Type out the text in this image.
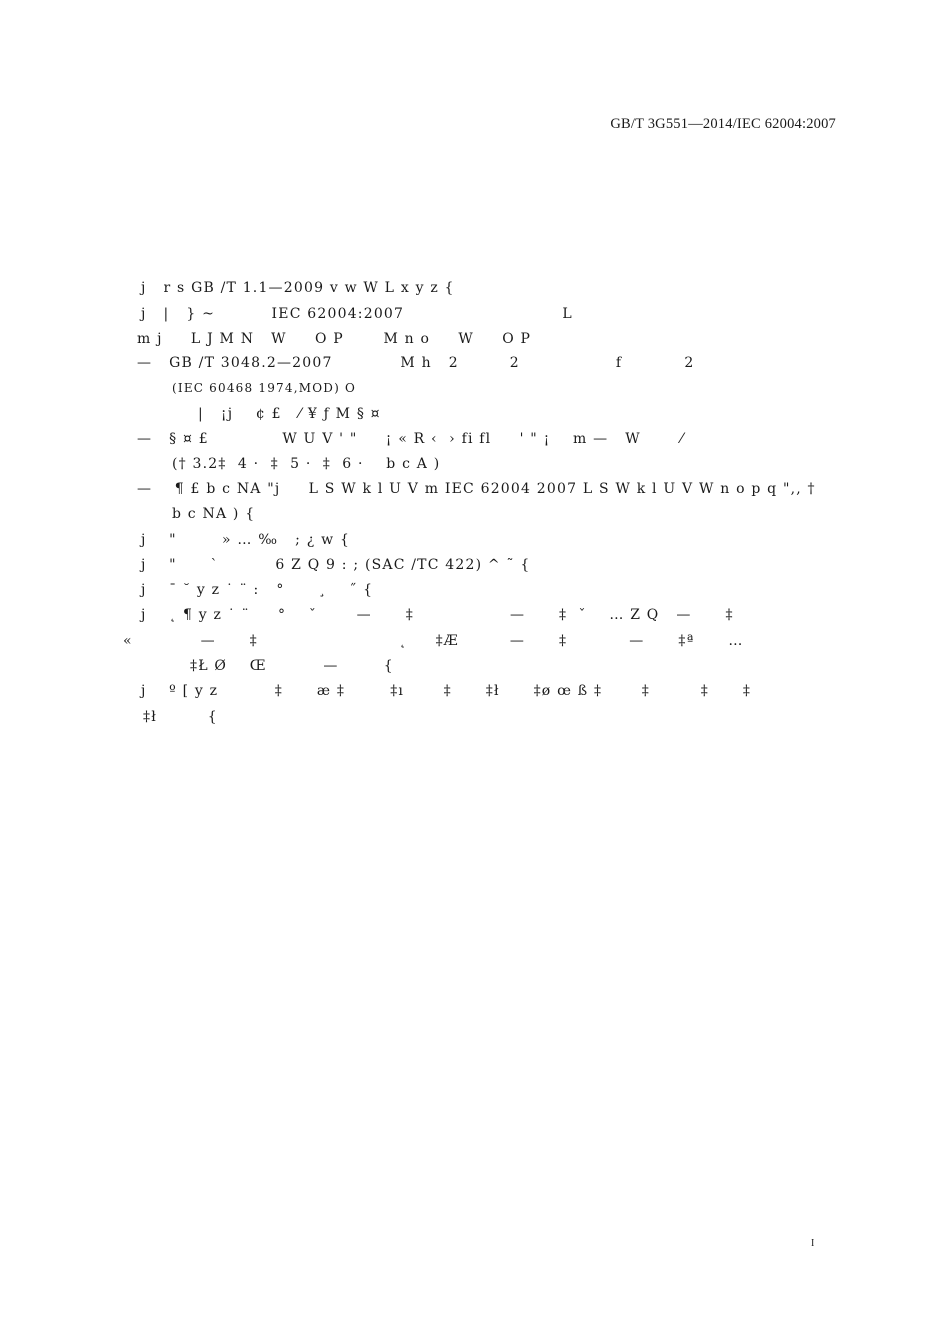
GB/T 3G551—2014/IEC 62004:2007
j   r s GB /T 1.1—2009 v w W L x y z {
j   |   } ~          IEC 62004:2007                            L
m j     L J M N   W     O P       M n o     W     O P
—   GB /T 3048.2—2007            M h   2         2                 f           2
(IEC 60468 1974,MOD) O
|   ¡j    ¢ £   ⁄ ¥ ƒ M § ¤
—   § ¤ £             W U V ' "     ¡ « R ‹  › fi fl     ' " ¡    m —   W       ⁄
(† 3.2‡  4 ·  ‡  5 ·  ‡  6 ·    b c A )
—    ¶ £ b c NA "j     L S W k l U V m IEC 62004 2007 L S W k l U V W n o p q ",, †
b c NA ) {
j    "        » … ‰   ; ¿ w {
j    "      `          6 Z Q 9 : ; (SAC /TC 422) ^ ˜ {
j    ¯ ˘ y z ˙ ¨ :   °      ¸    ˝ {
j    ˛ ¶ y z ˙ ¨     °    ˇ       —      ‡                 —      ‡  ˇ    … Z Q   —      ‡
«            —      ‡                         ˛     ‡Æ         —      ‡           —      ‡ª      …
‡Ł Ø    Œ          —        {
j    º [ y z          ‡      æ ‡        ‡ı       ‡      ‡ł      ‡ø œ ß ‡       ‡         ‡      ‡
‡ł         {
I
